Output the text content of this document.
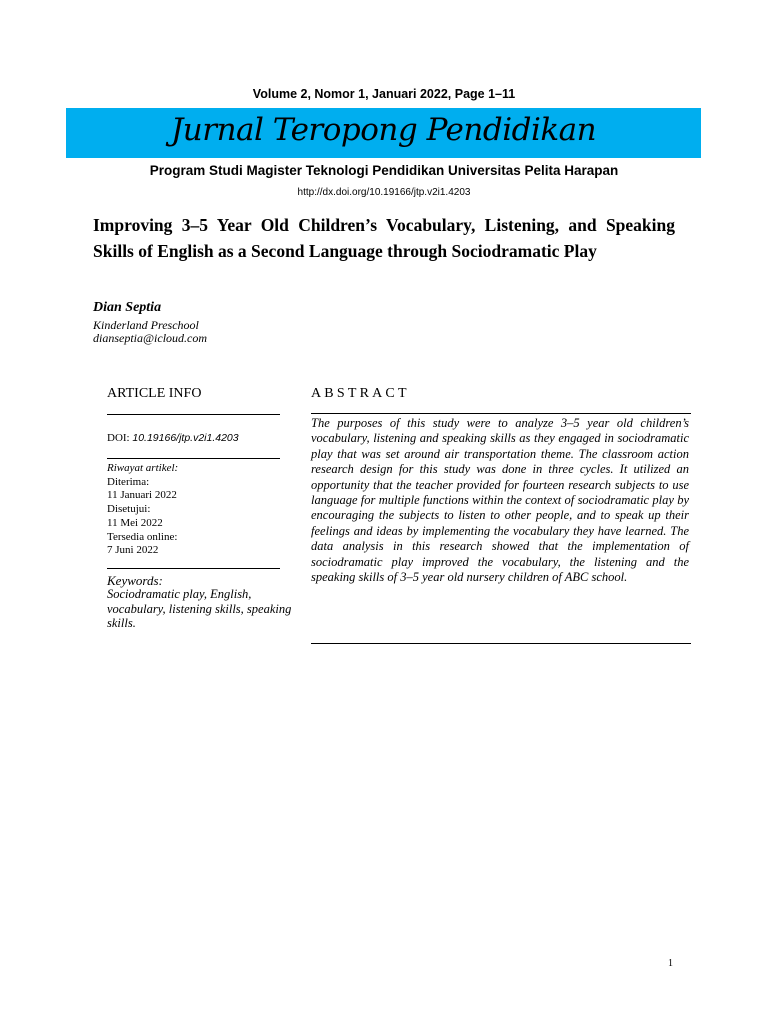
Volume 2, Nomor 1, Januari 2022, Page 1–11
Jurnal Teropong Pendidikan
Program Studi Magister Teknologi Pendidikan Universitas Pelita Harapan
http://dx.doi.org/10.19166/jtp.v2i1.4203
Improving 3–5 Year Old Children’s Vocabulary, Listening, and Speaking Skills of English as a Second Language through Sociodramatic Play
Dian Septia
Kinderland Preschool
dianseptia@icloud.com
ARTICLE INFO
DOI: 10.19166/jtp.v2i1.4203
Riwayat artikel:
Diterima:
11 Januari 2022
Disetujui:
11 Mei 2022
Tersedia online:
7 Juni 2022
Keywords:
Sociodramatic play, English, vocabulary, listening skills, speaking skills.
ABSTRACT
The purposes of this study were to analyze 3–5 year old children’s vocabulary, listening and speaking skills as they engaged in sociodramatic play that was set around air transportation theme. The classroom action research design for this study was done in three cycles. It utilized an opportunity that the teacher provided for fourteen research subjects to use language for multiple functions within the context of sociodramatic play by encouraging the subjects to listen to other people, and to speak up their feelings and ideas by implementing the vocabulary they have learned. The data analysis in this research showed that the implementation of sociodramatic play improved the vocabulary, the listening and the speaking skills of 3–5 year old nursery children of ABC school.
1
